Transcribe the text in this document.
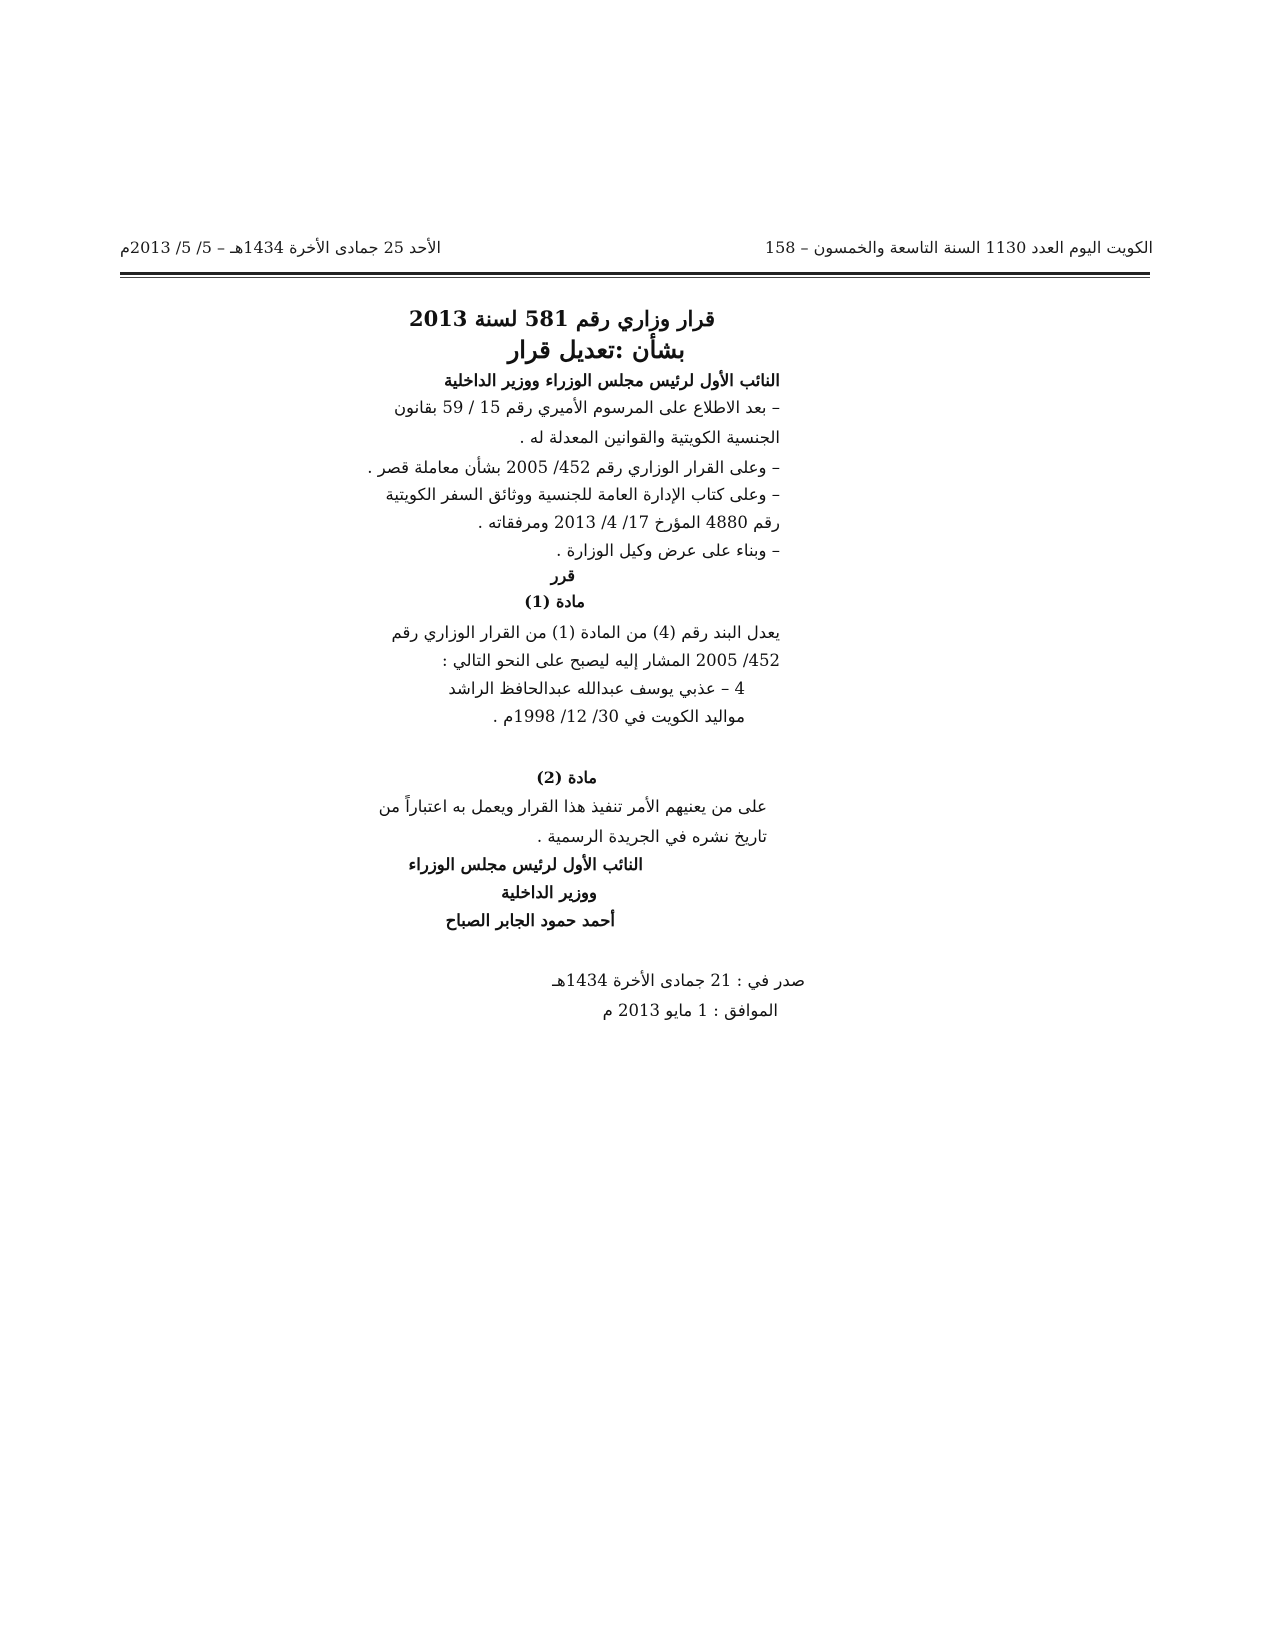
الكويت اليوم العدد 1130 السنة التاسعة والخمسون – 158
الأحد 25 جمادى الأخرة 1434هـ – 5/ 5/ 2013م
قرار وزاري رقم 581 لسنة 2013
بشأن :تعديل قرار
النائب الأول لرئيس مجلس الوزراء ووزير الداخلية
– بعد الاطلاع على المرسوم الأميري رقم 15 / 59 بقانون
الجنسية الكويتية والقوانين المعدلة له .
– وعلى القرار الوزاري رقم 452/ 2005 بشأن معاملة قصر .
– وعلى كتاب الإدارة العامة للجنسية ووثائق السفر الكويتية
رقم 4880 المؤرخ 17/ 4/ 2013 ومرفقاته .
– وبناء على عرض وكيل الوزارة .
قرر
مادة (1)
يعدل البند رقم (4) من المادة (1) من القرار الوزاري رقم
452/ 2005 المشار إليه ليصبح على النحو التالي :
4 – عذبي يوسف عبدالله عبدالحافظ الراشد
مواليد الكويت في 30/ 12/ 1998م .
مادة (2)
على من يعنيهم الأمر تنفيذ هذا القرار ويعمل به اعتباراً من
تاريخ نشره في الجريدة الرسمية .
النائب الأول لرئيس مجلس الوزراء
ووزير الداخلية
أحمد حمود الجابر الصباح
صدر في : 21 جمادى الأخرة 1434هـ
الموافق : 1 مايو 2013 م
